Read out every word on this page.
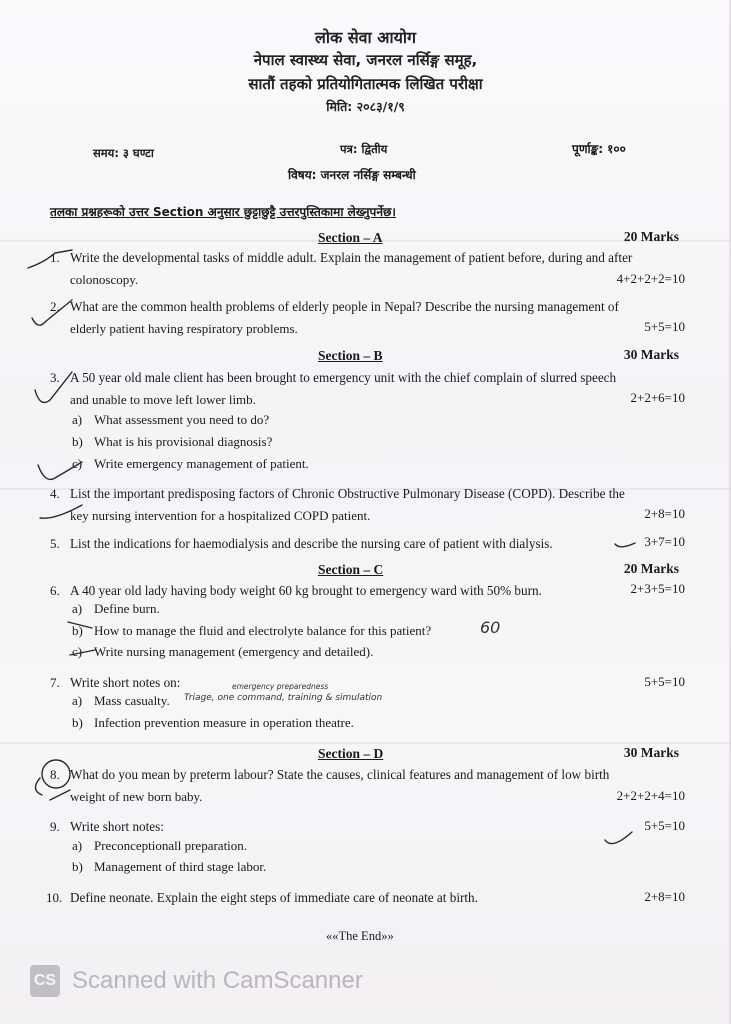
लोक सेवा आयोग
नेपाल स्वास्थ्य सेवा, जनरल नर्सिङ्ग समूह,
सातौं तहको प्रतियोगितात्मक लिखित परीक्षा
मिति: २०८३/१/९
समय: ३ घण्टा	पत्र: द्वितीय	पूर्णाङ्क: १००
विषय: जनरल नर्सिङ्ग सम्बन्धी
तलका प्रश्नहरूको उत्तर Section अनुसार छुट्टाछुट्टै उत्तरपुस्तिकामा लेख्नुपर्नेछ।
Section – A	20 Marks
1. Write the developmental tasks of middle adult. Explain the management of patient before, during and after
colonoscopy.	4+2+2+2=10
2. What are the common health problems of elderly people in Nepal? Describe the nursing management of
elderly patient having respiratory problems.	5+5=10
Section – B	30 Marks
3. A 50 year old male client has been brought to emergency unit with the chief complain of slurred speech
and unable to move left lower limb.	2+2+6=10
a) What assessment you need to do?
b) What is his provisional diagnosis?
c) Write emergency management of patient.
4. List the important predisposing factors of Chronic Obstructive Pulmonary Disease (COPD). Describe the
key nursing intervention for a hospitalized COPD patient.	2+8=10
5. List the indications for haemodialysis and describe the nursing care of patient with dialysis.	3+7=10
Section – C	20 Marks
6. A 40 year old lady having body weight 60 kg brought to emergency ward with 50% burn.	2+3+5=10
a) Define burn.
b) How to manage the fluid and electrolyte balance for this patient?
c) Write nursing management (emergency and detailed).
60
7. Write short notes on:	5+5=10
a) Mass casualty.
b) Infection prevention measure in operation theatre.
emergency preparedness
Triage, one command, training & simulation
Section – D	30 Marks
8. What do you mean by preterm labour? State the causes, clinical features and management of low birth
weight of new born baby.	2+2+2+4=10
9. Write short notes:	5+5=10
a) Preconceptionall preparation.
b) Management of third stage labor.
10. Define neonate. Explain the eight steps of immediate care of neonate at birth.	2+8=10
««The End»»
CS Scanned with CamScanner
